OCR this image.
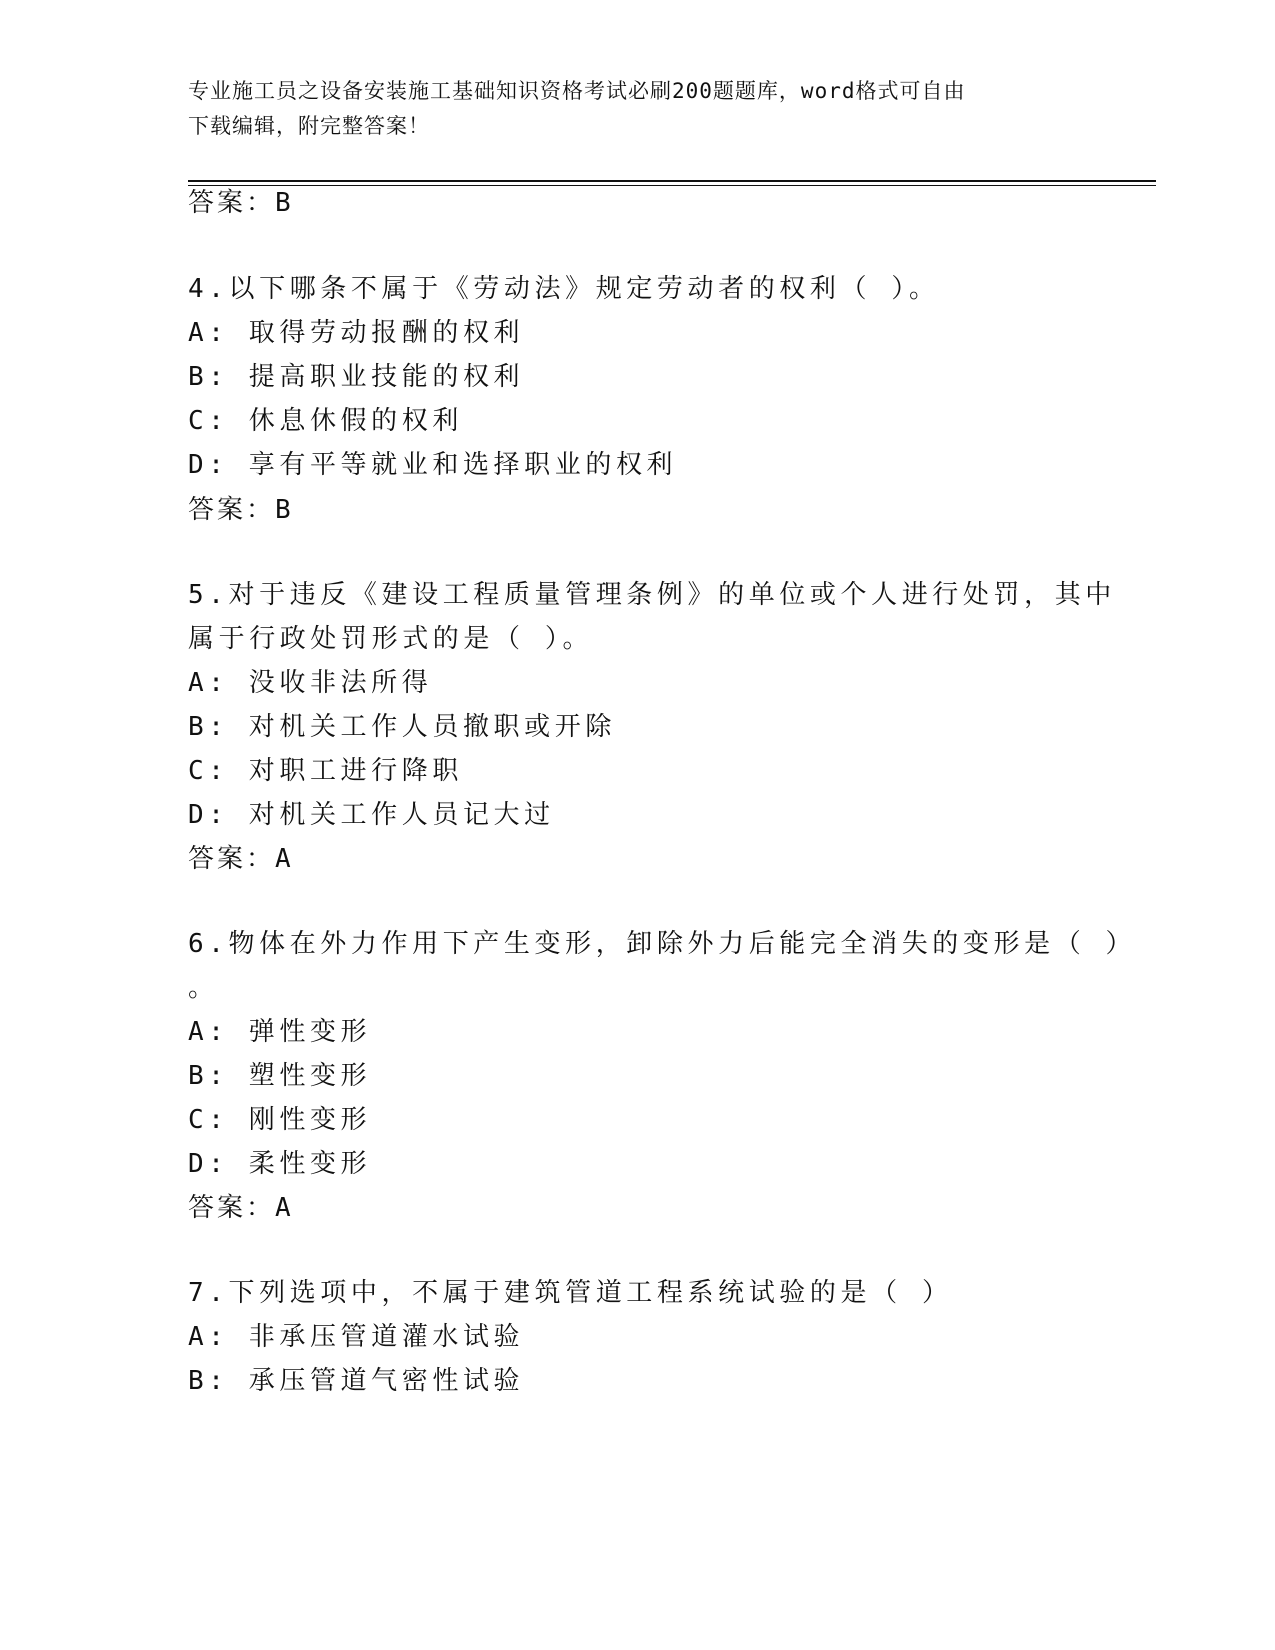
专业施工员之设备安装施工基础知识资格考试必刷200题题库，word格式可自由
下载编辑，附完整答案！
答案：B
4.以下哪条不属于《劳动法》规定劳动者的权利（ ）。
A: 取得劳动报酬的权利
B: 提高职业技能的权利
C: 休息休假的权利
D: 享有平等就业和选择职业的权利
答案：B
5.对于违反《建设工程质量管理条例》的单位或个人进行处罚，其中
属于行政处罚形式的是（ ）。
A: 没收非法所得
B: 对机关工作人员撤职或开除
C: 对职工进行降职
D: 对机关工作人员记大过
答案：A
6.物体在外力作用下产生变形，卸除外力后能完全消失的变形是（ ）
。
A: 弹性变形
B: 塑性变形
C: 刚性变形
D: 柔性变形
答案：A
7.下列选项中，不属于建筑管道工程系统试验的是（ ）
A: 非承压管道灌水试验
B: 承压管道气密性试验
